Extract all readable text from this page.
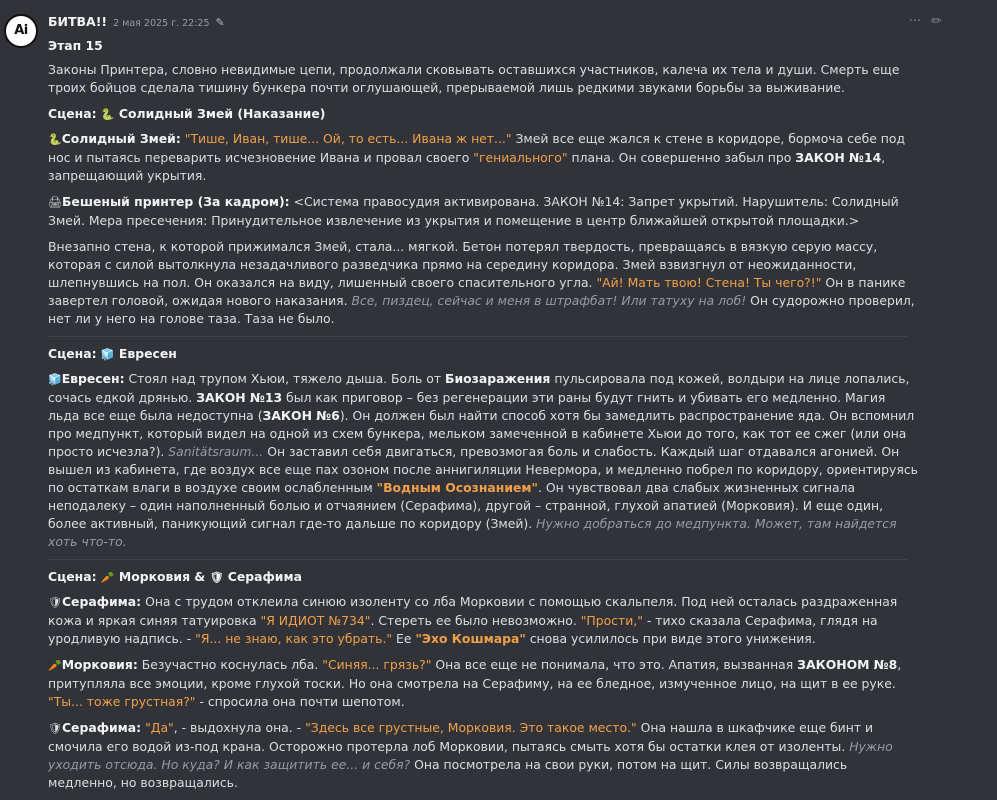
Ai
БИТВА!! 2 мая 2025 г. 22:25 ✎	··· ✏

Этап 15

Законы Принтера, словно невидимые цепи, продолжали сковывать оставшихся участников, калеча их тела и души. Смерть еще троих бойцов сделала тишину бункера почти оглушающей, прерываемой лишь редкими звуками борьбы за выживание.

Сцена: 🐍 Солидный Змей (Наказание)

🐍Солидный Змей: "Тише, Иван, тише... Ой, то есть... Ивана ж нет..." Змей все еще жался к стене в коридоре, бормоча себе под нос и пытаясь переварить исчезновение Ивана и провал своего "гениального" плана. Он совершенно забыл про ЗАКОН №14, запрещающий укрытия.

🖨Бешеный принтер (За кадром): <Система правосудия активирована. ЗАКОН №14: Запрет укрытий. Нарушитель: Солидный Змей. Мера пресечения: Принудительное извлечение из укрытия и помещение в центр ближайшей открытой площадки.>

Внезапно стена, к которой прижимался Змей, стала... мягкой. Бетон потерял твердость, превращаясь в вязкую серую массу, которая с силой вытолкнула незадачливого разведчика прямо на середину коридора. Змей взвизгнул от неожиданности, шлепнувшись на пол. Он оказался на виду, лишенный своего спасительного угла. "Ай! Мать твою! Стена! Ты чего?!" Он в панике завертел головой, ожидая нового наказания. Все, пиздец, сейчас и меня в штрафбат! Или татуху на лоб! Он судорожно проверил, нет ли у него на голове таза. Таза не было.

Сцена: 🧊 Евресен

🧊Евресен: Стоял над трупом Хьюи, тяжело дыша. Боль от Биозаражения пульсировала под кожей, волдыри на лице лопались, сочась едкой дрянью. ЗАКОН №13 был как приговор – без регенерации эти раны будут гнить и убивать его медленно. Магия льда все еще была недоступна (ЗАКОН №6). Он должен был найти способ хотя бы замедлить распространение яда. Он вспомнил про медпункт, который видел на одной из схем бункера, мельком замеченной в кабинете Хьюи до того, как тот ее сжег (или она просто исчезла?). Sanitätsraum... Он заставил себя двигаться, превозмогая боль и слабость. Каждый шаг отдавался агонией. Он вышел из кабинета, где воздух все еще пах озоном после аннигиляции Невермора, и медленно побрел по коридору, ориентируясь по остаткам влаги в воздухе своим ослабленным "Водным Осознанием". Он чувствовал два слабых жизненных сигнала неподалеку – один наполненный болью и отчаянием (Серафима), другой – странной, глухой апатией (Морковия). И еще один, более активный, паникующий сигнал где-то дальше по коридору (Змей). Нужно добраться до медпункта. Может, там найдется хоть что-то.

Сцена: 🥕 Морковия & 🛡 Серафима

🛡Серафима: Она с трудом отклеила синюю изоленту со лба Морковии с помощью скальпеля. Под ней осталась раздраженная кожа и яркая синяя татуировка "Я ИДИОТ №734". Стереть ее было невозможно. "Прости," - тихо сказала Серафима, глядя на уродливую надпись. - "Я... не знаю, как это убрать." Ее "Эхо Кошмара" снова усилилось при виде этого унижения.

🥕Морковия: Безучастно коснулась лба. "Синяя... грязь?" Она все еще не понимала, что это. Апатия, вызванная ЗАКОНОМ №8, притупляла все эмоции, кроме глухой тоски. Но она смотрела на Серафиму, на ее бледное, измученное лицо, на щит в ее руке. "Ты... тоже грустная?" - спросила она почти шепотом.

🛡Серафима: "Да", - выдохнула она. - "Здесь все грустные, Морковия. Это такое место." Она нашла в шкафчике еще бинт и смочила его водой из-под крана. Осторожно протерла лоб Морковии, пытаясь смыть хотя бы остатки клея от изоленты. Нужно уходить отсюда. Но куда? И как защитить ее... и себя? Она посмотрела на свои руки, потом на щит. Силы возвращались медленно, но возвращались.
